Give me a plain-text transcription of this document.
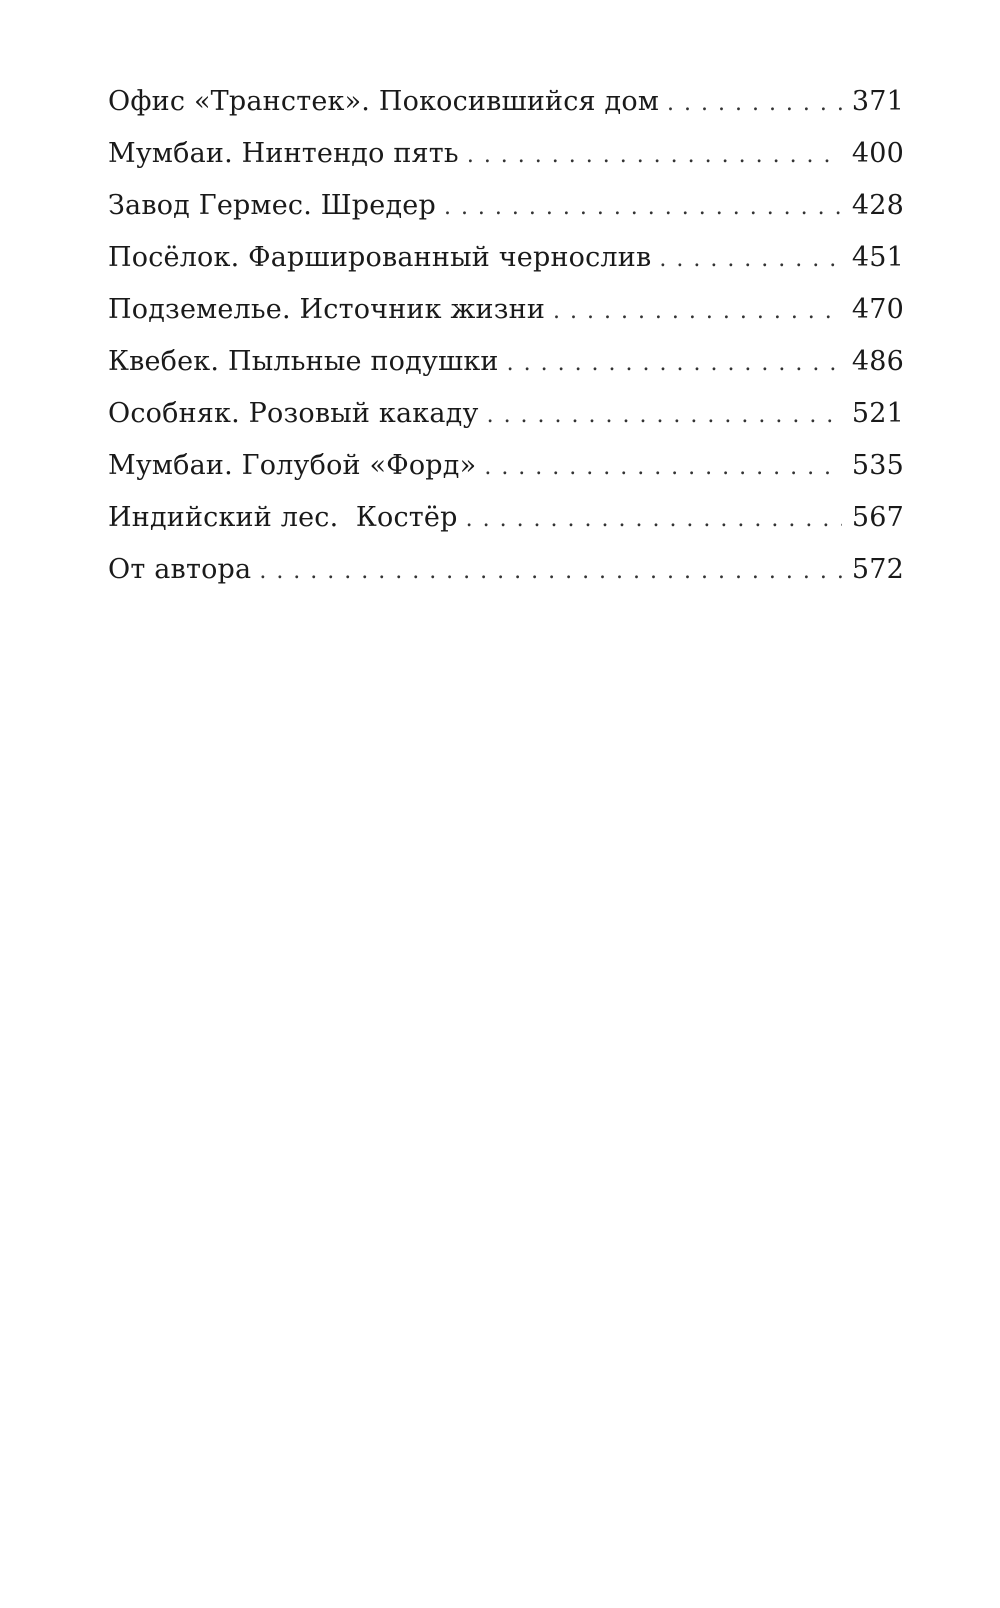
Офис «Транстек». Покосившийся дом . . .	371
Мумбаи. Нинтендо пять . . .	400
Завод Гермес. Шредер . . .	428
Посёлок. Фаршированный чернослив . . .	451
Подземелье. Источник жизни . . .	470
Квебек. Пыльные подушки . . .	486
Особняк. Розовый какаду . . .	521
Мумбаи. Голубой «Форд» . . .	535
Индийский лес.  Костёр . . .	567
От автора . . .	572
